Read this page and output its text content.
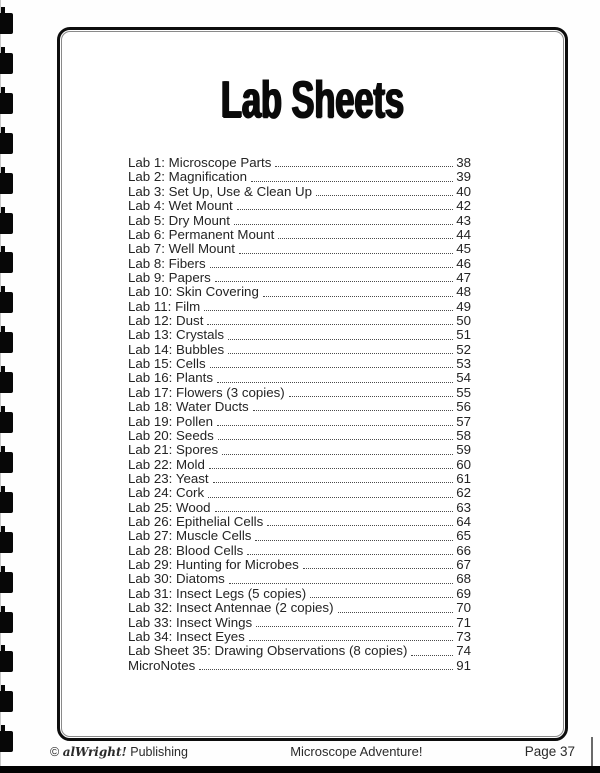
Lab Sheets
Lab 1: Microscope Parts	38
Lab 2: Magnification	39
Lab 3: Set Up, Use & Clean Up	40
Lab 4: Wet Mount	42
Lab 5: Dry Mount	43
Lab 6: Permanent Mount	44
Lab 7: Well Mount	45
Lab 8: Fibers	46
Lab 9: Papers	47
Lab 10: Skin Covering	48
Lab 11: Film	49
Lab 12: Dust	50
Lab 13: Crystals	51
Lab 14: Bubbles	52
Lab 15: Cells	53
Lab 16: Plants	54
Lab 17: Flowers (3 copies)	55
Lab 18: Water Ducts	56
Lab 19: Pollen	57
Lab 20: Seeds	58
Lab 21: Spores	59
Lab 22: Mold	60
Lab 23: Yeast	61
Lab 24: Cork	62
Lab 25: Wood	63
Lab 26: Epithelial Cells	64
Lab 27: Muscle Cells	65
Lab 28: Blood Cells	66
Lab 29: Hunting for Microbes	67
Lab 30: Diatoms	68
Lab 31: Insect Legs (5 copies)	69
Lab 32: Insect Antennae (2 copies)	70
Lab 33: Insect Wings	71
Lab 34: Insect Eyes	73
Lab Sheet 35: Drawing Observations (8 copies)	74
MicroNotes	91
© alWright! Publishing	Microscope Adventure!	Page 37
